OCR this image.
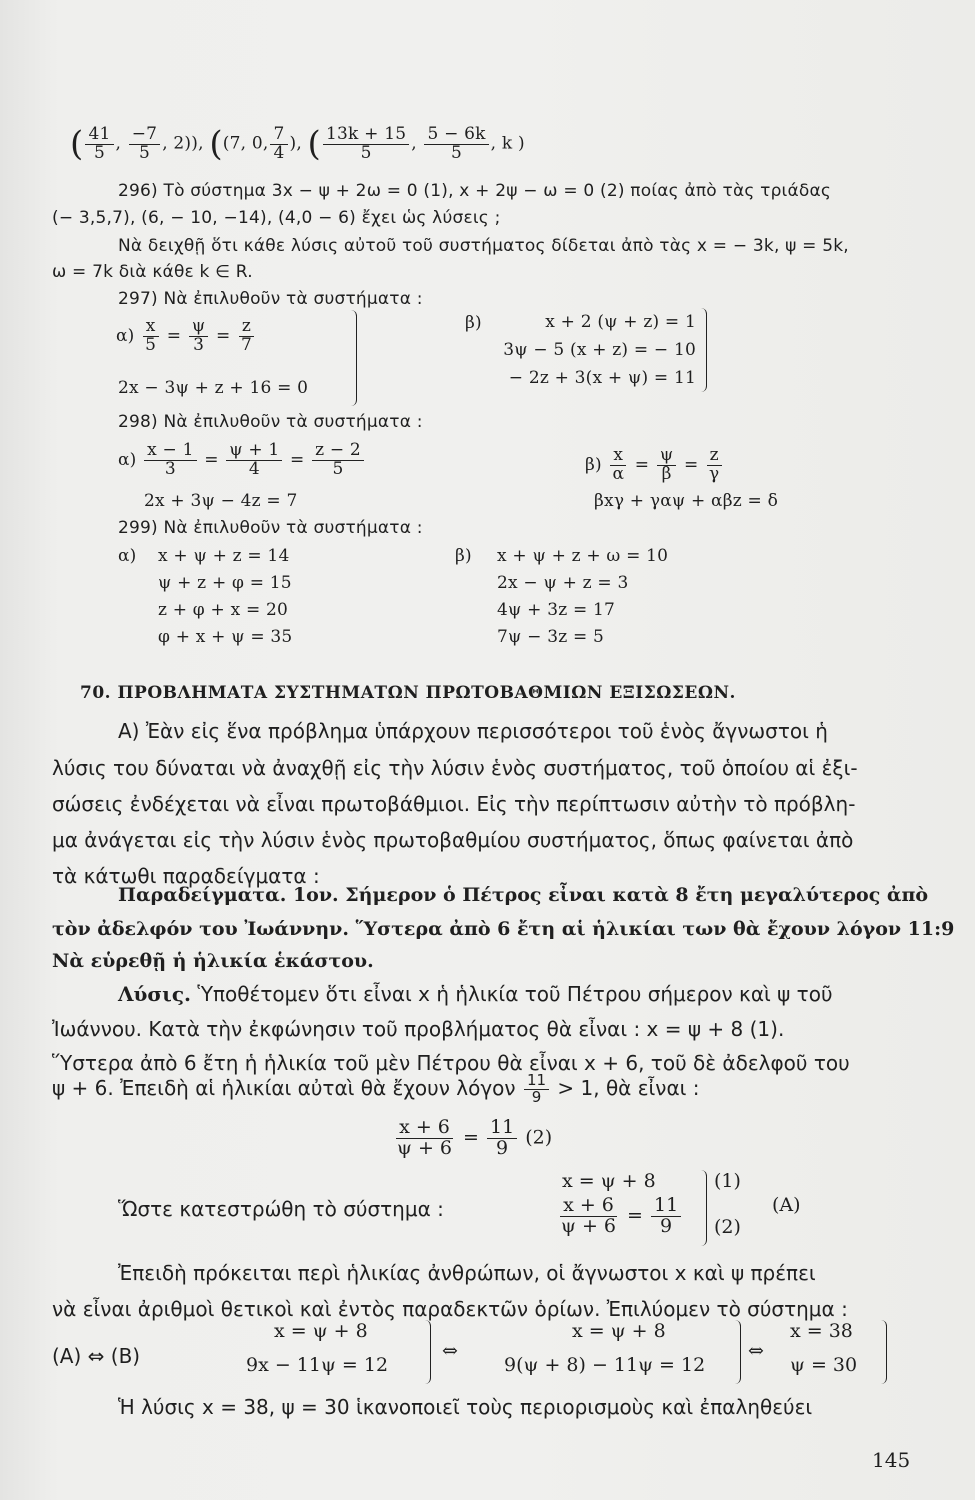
( $\frac{41}{5}$ , $\frac{-7}{5}$ , 2)), ((7, 0, $\frac{7}{4}$ ), ( $\frac{13k + 15}{5}$ , $\frac{5 - 6k}{5}$ , k )
296) Τὸ σύστημα 3x − ψ + 2ω = 0 (1), x + 2ψ − ω = 0 (2) ποίας ἀπὸ τὰς τριάδας
(− 3,5,7), (6, − 10, −14), (4,0 − 6) ἔχει ὡς λύσεις ;
Νὰ δειχθῇ ὅτι κάθε λύσις αὐτοῦ τοῦ συστήματος δίδεται ἀπὸ τὰς x = − 3k, ψ = 5k,
ω = 7k διὰ κάθε k ∈ R.
297) Νὰ ἐπιλυθοῦν τὰ συστήματα :
$\alpha) \frac{x}{5} = \frac{\psi}{3} = \frac{z}{7}$
2x − 3ψ + z + 16 = 0
β)	x + 2 (ψ + z) = 1
3ψ − 5 (x + z) = − 10
− 2z + 3(x + ψ) = 11
298) Νὰ ἐπιλυθοῦν τὰ συστήματα :
$\alpha) \frac{x - 1}{3} = \frac{\psi + 1}{4} = \frac{z - 2}{5}$
2x + 3ψ − 4z = 7
$\beta) \frac{x}{\alpha} = \frac{\psi}{\beta} = \frac{z}{\gamma}$
βxγ + γαψ + αβz = δ
299) Νὰ ἐπιλυθοῦν τὰ συστήματα :
α) x + ψ + z = 14
ψ + z + φ = 15
z + φ + x = 20
φ + x + ψ = 35
β) x + ψ + z + ω = 10
2x − ψ + z = 3
4ψ + 3z = 17
7ψ − 3z = 5
70. ΠΡΟΒΛΗΜΑΤΑ ΣΥΣΤΗΜΑΤΩΝ ΠΡΩΤΟΒΑΘΜΙΩΝ ΕΞΙΣΩΣΕΩΝ.
Α) Ἐὰν εἰς ἕνα πρόβλημα ὑπάρχουν περισσότεροι τοῦ ἑνὸς ἄγνωστοι ἡ
λύσις του δύναται νὰ ἀναχθῇ εἰς τὴν λύσιν ἑνὸς συστήματος, τοῦ ὁποίου αἱ ἐξι-
σώσεις ἐνδέχεται νὰ εἶναι πρωτοβάθμιοι. Εἰς τὴν περίπτωσιν αὐτὴν τὸ πρόβλη-
μα ἀνάγεται εἰς τὴν λύσιν ἑνὸς πρωτοβαθμίου συστήματος, ὅπως φαίνεται ἀπὸ
τὰ κάτωθι παραδείγματα :
Παραδείγματα. 1ον. Σήμερον ὁ Πέτρος εἶναι κατὰ 8 ἔτη μεγαλύτερος ἀπὸ
τὸν ἀδελφόν του Ἰωάννην. Ὕστερα ἀπὸ 6 ἔτη αἱ ἡλικίαι των θὰ ἔχουν λόγον 11:9
Νὰ εὑρεθῇ ἡ ἡλικία ἑκάστου.
Λύσις. Ὑποθέτομεν ὅτι εἶναι x ἡ ἡλικία τοῦ Πέτρου σήμερον καὶ ψ τοῦ
Ἰωάννου. Κατὰ τὴν ἐκφώνησιν τοῦ προβλήματος θὰ εἶναι : x = ψ + 8 (1).
Ὕστερα ἀπὸ 6 ἔτη ἡ ἡλικία τοῦ μὲν Πέτρου θὰ εἶναι x + 6, τοῦ δὲ ἀδελφοῦ του
ψ + 6. Ἐπειδὴ αἱ ἡλικίαι αὐταὶ θὰ ἔχουν λόγον $\frac{11}{9} > 1$, θὰ εἶναι :
$\frac{x + 6}{\psi + 6} = \frac{11}{9} (2)$
Ὥστε κατεστρώθη τὸ σύστημα :
x = ψ + 8
$\frac{x + 6}{\psi + 6} = \frac{11}{9}$
(1)
(2)
(Α)
Ἐπειδὴ πρόκειται περὶ ἡλικίας ἀνθρώπων, οἱ ἄγνωστοι x καὶ ψ πρέπει
νὰ εἶναι ἀριθμοὶ θετικοὶ καὶ ἐντὸς παραδεκτῶν ὁρίων. Ἐπιλύομεν τὸ σύστημα :
(Α) ⇔ (Β)
x = ψ + 8
9x − 11ψ = 12
⇔
x = ψ + 8
9(ψ + 8) − 11ψ = 12
⇔
x = 38
ψ = 30
Ἡ λύσις x = 38, ψ = 30 ἱκανοποιεῖ τοὺς περιορισμοὺς καὶ ἐπαληθεύει
145
